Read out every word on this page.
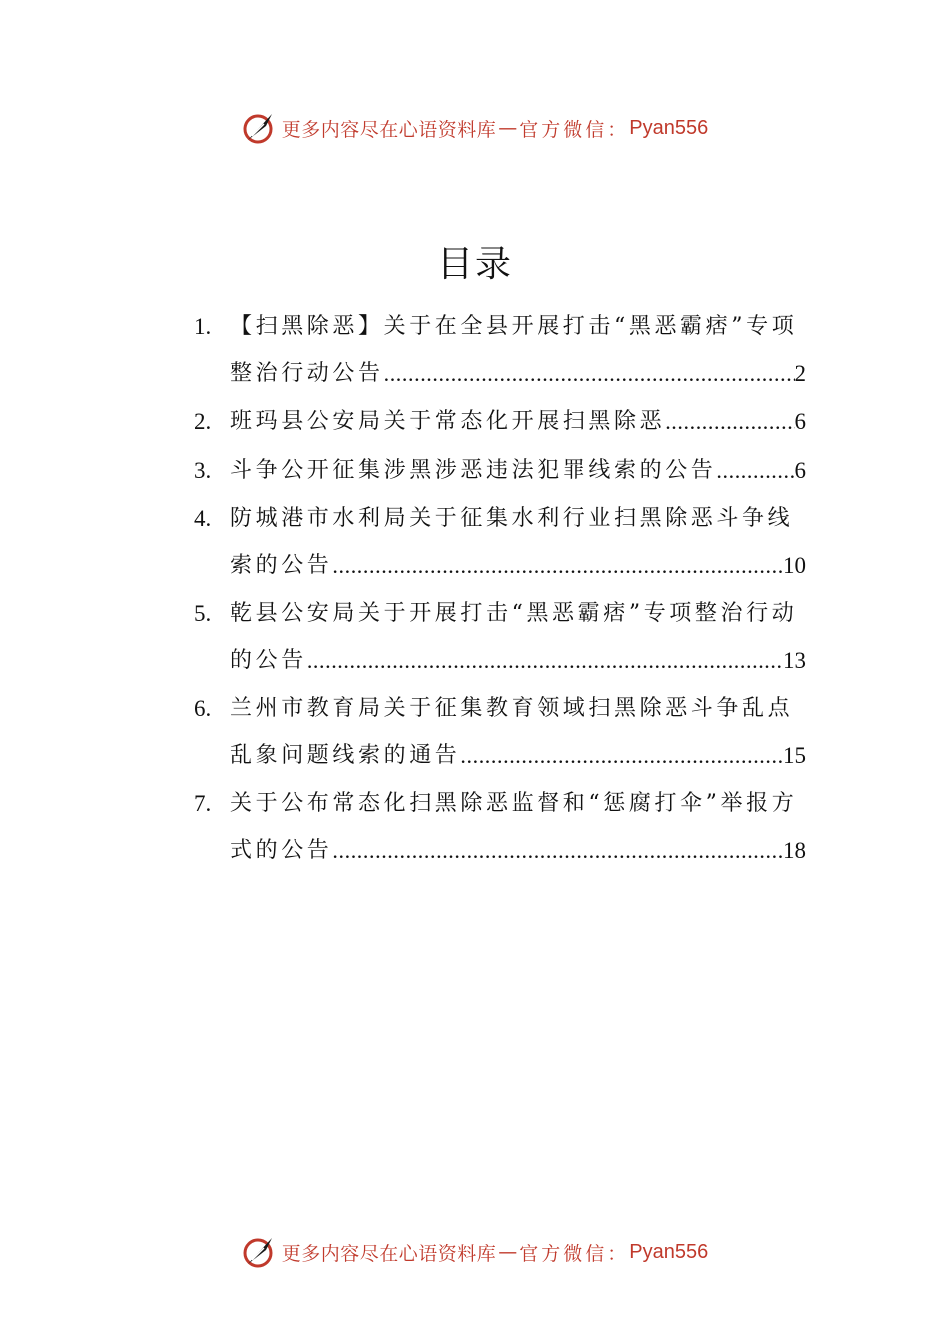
更多内容尽在心语资料库 — 官方微信： Pyan556
目录
1. 【扫黑除恶】关于在全县开展打击“黑恶霸痞”专项
整治行动公告 .....	2
2. 班玛县公安局关于常态化开展扫黑除恶 .....	6
3. 斗争公开征集涉黑涉恶违法犯罪线索的公告 .....	6
4. 防城港市水利局关于征集水利行业扫黑除恶斗争线
索的公告 .....	10
5. 乾县公安局关于开展打击“黑恶霸痞”专项整治行动
的公告 .....	13
6. 兰州市教育局关于征集教育领域扫黑除恶斗争乱点
乱象问题线索的通告 .....	15
7. 关于公布常态化扫黑除恶监督和“惩腐打伞”举报方
式的公告 .....	18
更多内容尽在心语资料库 — 官方微信： Pyan556
